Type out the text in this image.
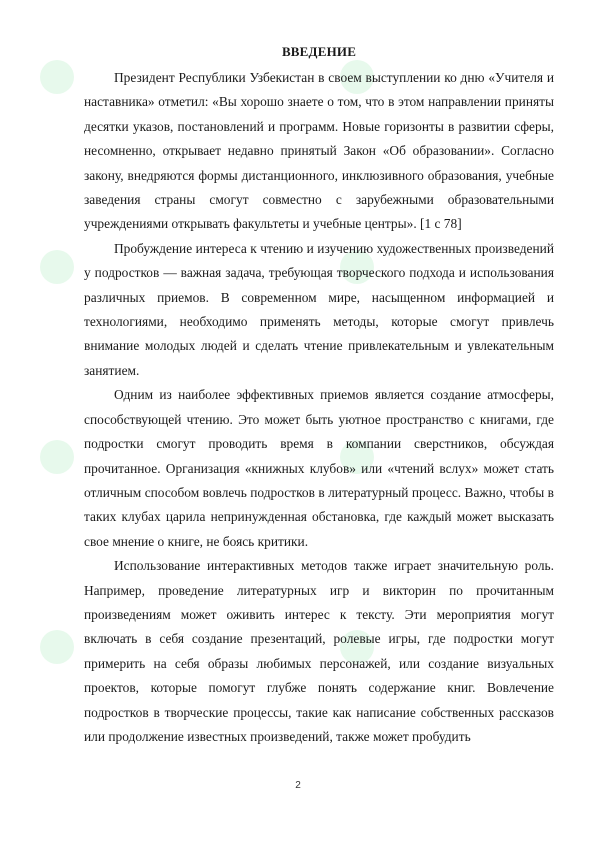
ВВЕДЕНИЕ

Президент Республики Узбекистан в своем выступлении ко дню «Учителя и наставника» отметил: «Вы хорошо знаете о том, что в этом направлении приняты десятки указов, постановлений и программ. Новые горизонты в развитии сферы, несомненно, открывает недавно принятый Закон «Об образовании». Согласно закону, внедряются формы дистанционного, инклюзивного образования, учебные заведения страны смогут совместно с зарубежными образовательными учреждениями открывать факультеты и учебные центры». [1 с 78]

Пробуждение интереса к чтению и изучению художественных произведений у подростков — важная задача, требующая творческого подхода и использования различных приемов. В современном мире, насыщенном информацией и технологиями, необходимо применять методы, которые смогут привлечь внимание молодых людей и сделать чтение привлекательным и увлекательным занятием.

Одним из наиболее эффективных приемов является создание атмосферы, способствующей чтению. Это может быть уютное пространство с книгами, где подростки смогут проводить время в компании сверстников, обсуждая прочитанное. Организация «книжных клубов» или «чтений вслух» может стать отличным способом вовлечь подростков в литературный процесс. Важно, чтобы в таких клубах царила непринужденная обстановка, где каждый может высказать свое мнение о книге, не боясь критики.

Использование интерактивных методов также играет значительную роль. Например, проведение литературных игр и викторин по прочитанным произведениям может оживить интерес к тексту. Эти мероприятия могут включать в себя создание презентаций, ролевые игры, где подростки могут примерить на себя образы любимых персонажей, или создание визуальных проектов, которые помогут глубже понять содержание книг. Вовлечение подростков в творческие процессы, такие как написание собственных рассказов или продолжение известных произведений, также может пробудить

2
